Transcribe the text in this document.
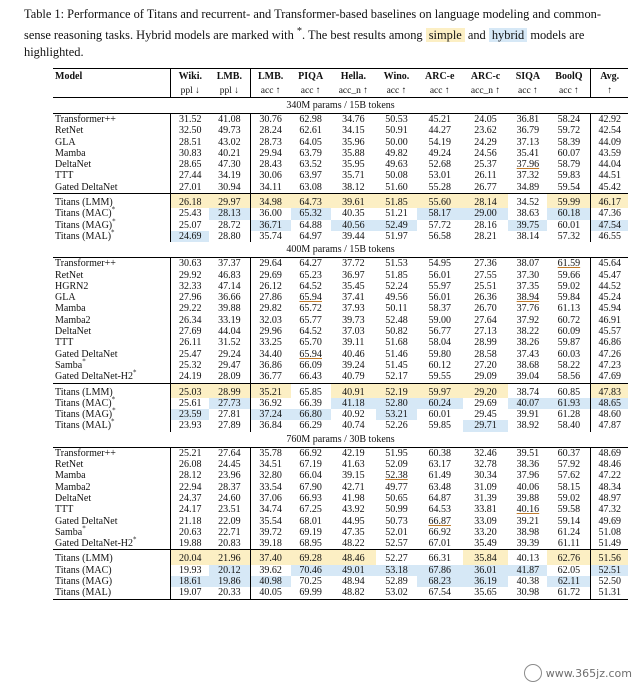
Table 1: Performance of Titans and recurrent- and Transformer-based baselines on language modeling and common-sense reasoning tasks. Hybrid models are marked with *. The best results among simple and hybrid models are highlighted.
Model	Wiki.	LMB.	LMB.	PIQA	Hella.	Wino.	ARC-e	ARC-c	SIQA	BoolQ	Avg.
	ppl ↓	ppl ↓	acc ↑	acc ↑	acc_n ↑	acc ↑	acc ↑	acc_n ↑	acc ↑	acc ↑	↑
340M params / 15B tokens											
Transformer++	31.52	41.08	30.76	62.98	34.76	50.53	45.21	24.05	36.81	58.24	42.92
RetNet	32.50	49.73	28.24	62.61	34.15	50.91	44.27	23.62	36.79	59.72	42.54
GLA	28.51	43.02	28.73	64.05	35.96	50.00	54.19	24.29	37.13	58.39	44.09
Mamba	30.83	40.21	29.94	63.79	35.88	49.82	49.24	24.56	35.41	60.07	43.59
DeltaNet	28.65	47.30	28.43	63.52	35.95	49.63	52.68	25.37	37.96	58.79	44.04
TTT	27.44	34.19	30.06	63.97	35.71	50.08	53.01	26.11	37.32	59.83	44.51
Gated DeltaNet	27.01	30.94	34.11	63.08	38.12	51.60	55.28	26.77	34.89	59.54	45.42
Titans (LMM)	26.18	29.97	34.98	64.73	39.61	51.85	55.60	28.14	34.52	59.99	46.17
Titans (MAC)*	25.43	28.13	36.00	65.32	40.35	51.21	58.17	29.00	38.63	60.18	47.36
Titans (MAG)*	25.07	28.72	36.71	64.88	40.56	52.49	57.72	28.16	39.75	60.01	47.54
Titans (MAL)*	24.69	28.80	35.74	64.97	39.44	51.97	56.58	28.21	38.14	57.32	46.55
400M params / 15B tokens											
Transformer++	30.63	37.37	29.64	64.27	37.72	51.53	54.95	27.36	38.07	61.59	45.64
RetNet	29.92	46.83	29.69	65.23	36.97	51.85	56.01	27.55	37.30	59.66	45.47
HGRN2	32.33	47.14	26.12	64.52	35.45	52.24	55.97	25.51	37.35	59.02	44.52
GLA	27.96	36.66	27.86	65.94	37.41	49.56	56.01	26.36	38.94	59.84	45.24
Mamba	29.22	39.88	29.82	65.72	37.93	50.11	58.37	26.70	37.76	61.13	45.94
Mamba2	26.34	33.19	32.03	65.77	39.73	52.48	59.00	27.64	37.92	60.72	46.91
DeltaNet	27.69	44.04	29.96	64.52	37.03	50.82	56.77	27.13	38.22	60.09	45.57
TTT	26.11	31.52	33.25	65.70	39.11	51.68	58.04	28.99	38.26	59.87	46.86
Gated DeltaNet	25.47	29.24	34.40	65.94	40.46	51.46	59.80	28.58	37.43	60.03	47.26
Samba*	25.32	29.47	36.86	66.09	39.24	51.45	60.12	27.20	38.68	58.22	47.23
Gated DeltaNet-H2*	24.19	28.09	36.77	66.43	40.79	52.17	59.55	29.09	39.04	58.56	47.69
Titans (LMM)	25.03	28.99	35.21	65.85	40.91	52.19	59.97	29.20	38.74	60.85	47.83
Titans (MAC)*	25.61	27.73	36.92	66.39	41.18	52.80	60.24	29.69	40.07	61.93	48.65
Titans (MAG)*	23.59	27.81	37.24	66.80	40.92	53.21	60.01	29.45	39.91	61.28	48.60
Titans (MAL)*	23.93	27.89	36.84	66.29	40.74	52.26	59.85	29.71	38.92	58.40	47.87
760M params / 30B tokens											
Transformer++	25.21	27.64	35.78	66.92	42.19	51.95	60.38	32.46	39.51	60.37	48.69
RetNet	26.08	24.45	34.51	67.19	41.63	52.09	63.17	32.78	38.36	57.92	48.46
Mamba	28.12	23.96	32.80	66.04	39.15	52.38	61.49	30.34	37.96	57.62	47.22
Mamba2	22.94	28.37	33.54	67.90	42.71	49.77	63.48	31.09	40.06	58.15	48.34
DeltaNet	24.37	24.60	37.06	66.93	41.98	50.65	64.87	31.39	39.88	59.02	48.97
TTT	24.17	23.51	34.74	67.25	43.92	50.99	64.53	33.81	40.16	59.58	47.32
Gated DeltaNet	21.18	22.09	35.54	68.01	44.95	50.73	66.87	33.09	39.21	59.14	49.69
Samba*	20.63	22.71	39.72	69.19	47.35	52.01	66.92	33.20	38.98	61.24	51.08
Gated DeltaNet-H2*	19.88	20.83	39.18	68.95	48.22	52.57	67.01	35.49	39.39	61.11	51.49
Titans (LMM)	20.04	21.96	37.40	69.28	48.46	52.27	66.31	35.84	40.13	62.76	51.56
Titans (MAC)	19.93	20.12	39.62	70.46	49.01	53.18	67.86	36.01	41.87	62.05	52.51
Titans (MAG)	18.61	19.86	40.98	70.25	48.94	52.89	68.23	36.19	40.38	62.11	52.50
Titans (MAL)	19.07	20.33	40.05	69.99	48.82	53.02	67.54	35.65	30.98	61.72	51.31
www.365jz.com
